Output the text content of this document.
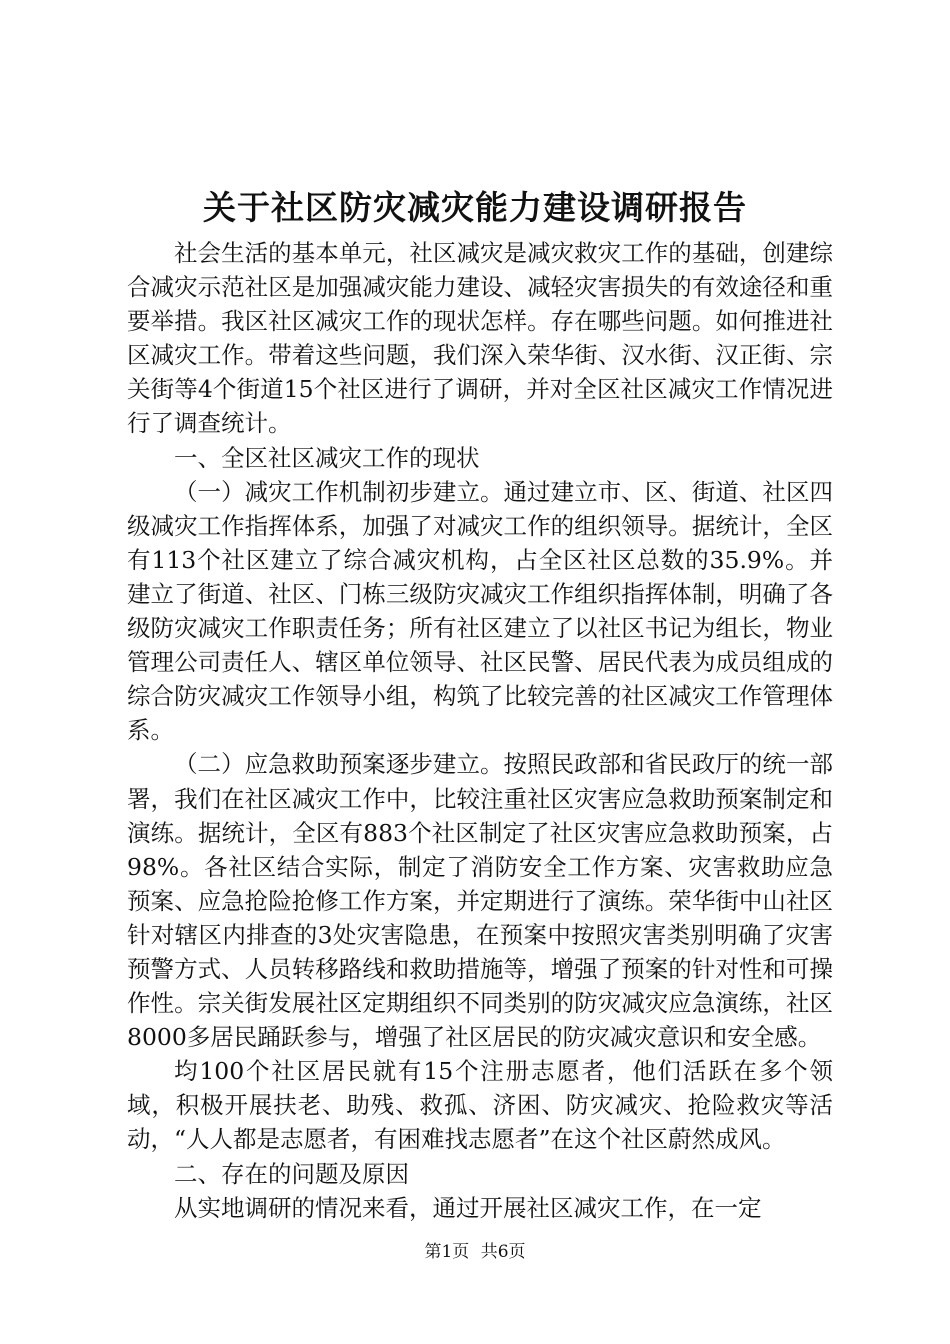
关于社区防灾减灾能力建设调研报告

社会生活的基本单元，社区减灾是减灾救灾工作的基础，创建综合减灾示范社区是加强减灾能力建设、减轻灾害损失的有效途径和重要举措。我区社区减灾工作的现状怎样。存在哪些问题。如何推进社区减灾工作。带着这些问题，我们深入荣华街、汉水街、汉正街、宗关街等4个街道15个社区进行了调研，并对全区社区减灾工作情况进行了调查统计。

一、全区社区减灾工作的现状

（一）减灾工作机制初步建立。通过建立市、区、街道、社区四级减灾工作指挥体系，加强了对减灾工作的组织领导。据统计，全区有113个社区建立了综合减灾机构，占全区社区总数的35.9%。并建立了街道、社区、门栋三级防灾减灾工作组织指挥体制，明确了各级防灾减灾工作职责任务；所有社区建立了以社区书记为组长，物业管理公司责任人、辖区单位领导、社区民警、居民代表为成员组成的综合防灾减灾工作领导小组，构筑了比较完善的社区减灾工作管理体系。

（二）应急救助预案逐步建立。按照民政部和省民政厅的统一部署，我们在社区减灾工作中，比较注重社区灾害应急救助预案制定和演练。据统计，全区有883个社区制定了社区灾害应急救助预案，占98%。各社区结合实际，制定了消防安全工作方案、灾害救助应急预案、应急抢险抢修工作方案，并定期进行了演练。荣华街中山社区针对辖区内排查的3处灾害隐患，在预案中按照灾害类别明确了灾害预警方式、人员转移路线和救助措施等，增强了预案的针对性和可操作性。宗关街发展社区定期组织不同类别的防灾减灾应急演练，社区8000多居民踊跃参与，增强了社区居民的防灾减灾意识和安全感。

均100个社区居民就有15个注册志愿者，他们活跃在多个领域，积极开展扶老、助残、救孤、济困、防灾减灾、抢险救灾等活动，“人人都是志愿者，有困难找志愿者”在这个社区蔚然成风。

二、存在的问题及原因

从实地调研的情况来看，通过开展社区减灾工作，在一定

第1页 共6页
